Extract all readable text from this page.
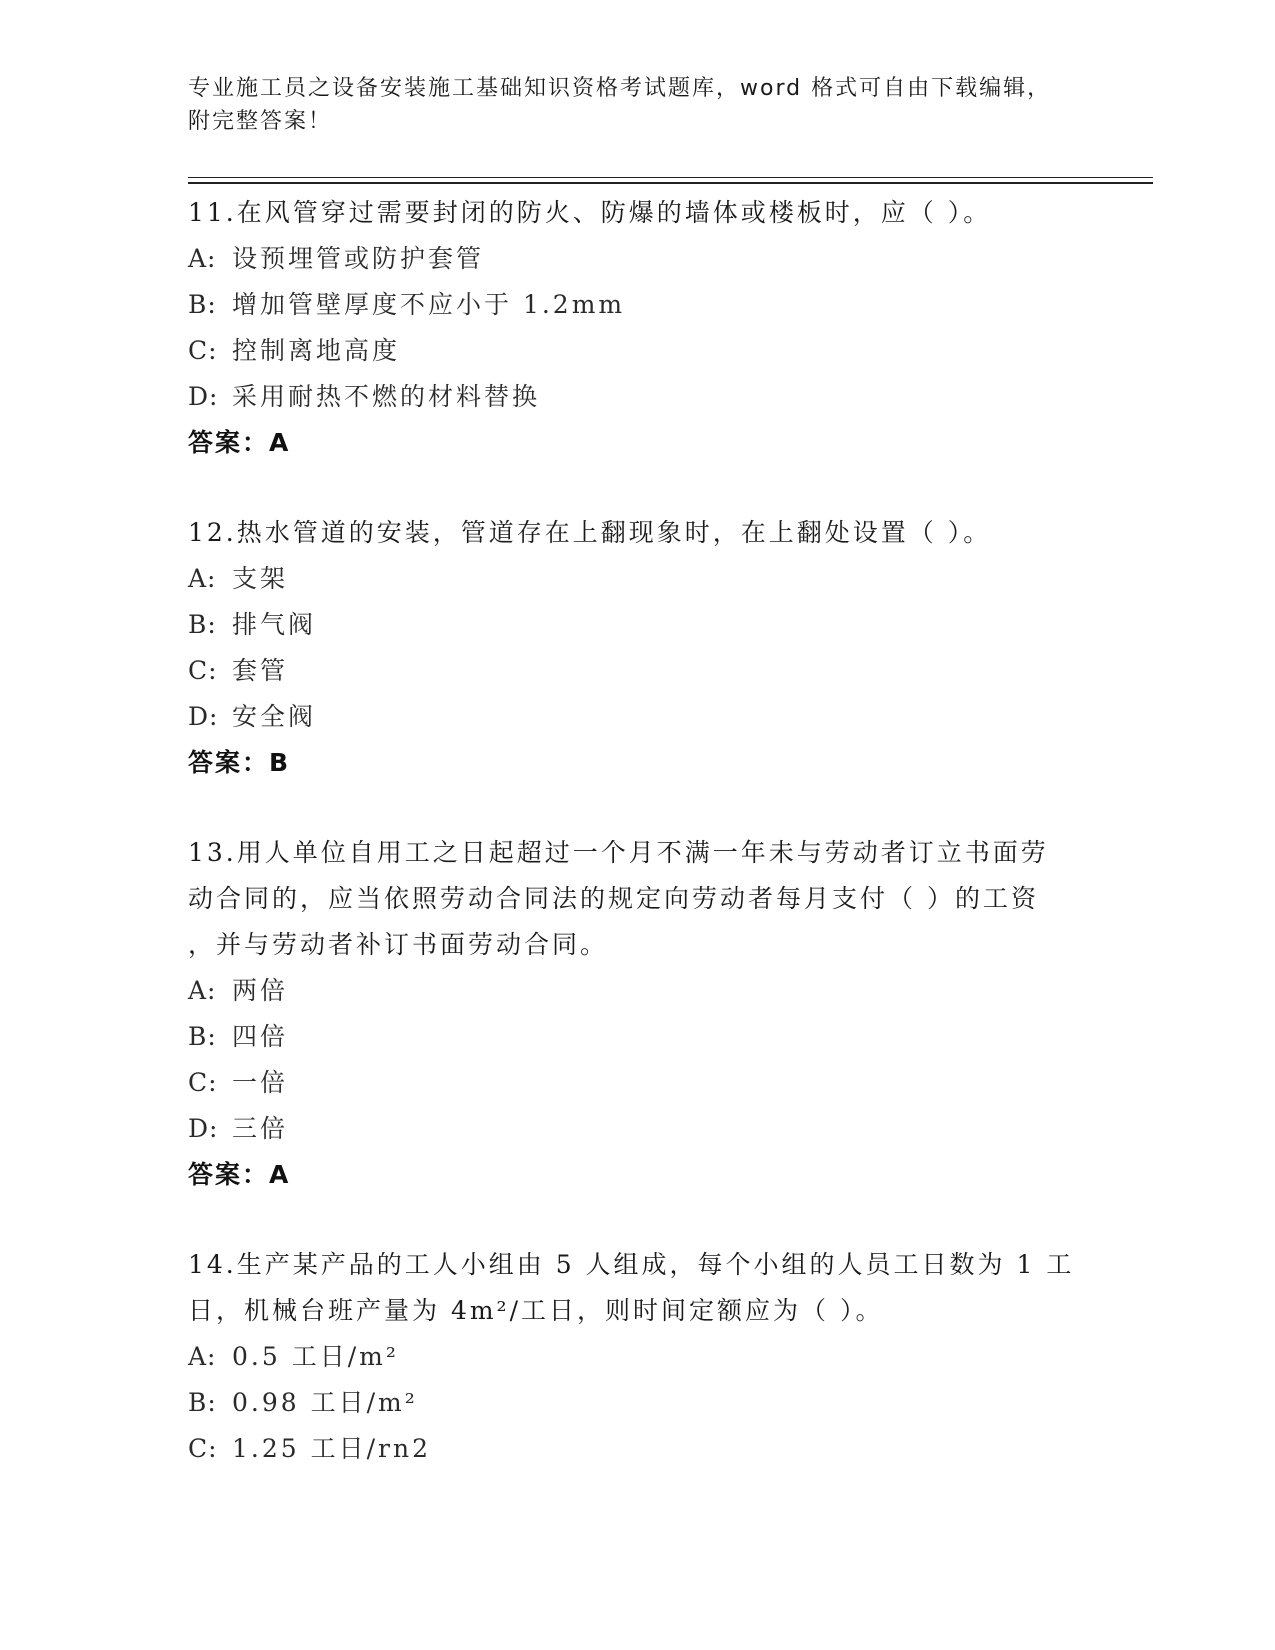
专业施工员之设备安装施工基础知识资格考试题库，word 格式可自由下载编辑，
附完整答案！
11.在风管穿过需要封闭的防火、防爆的墙体或楼板时，应（ ）。
A: 设预埋管或防护套管
B: 增加管壁厚度不应小于 1.2mm
C: 控制离地高度
D: 采用耐热不燃的材料替换
答案：A
12.热水管道的安装，管道存在上翻现象时，在上翻处设置（ ）。
A: 支架
B: 排气阀
C: 套管
D: 安全阀
答案：B
13.用人单位自用工之日起超过一个月不满一年未与劳动者订立书面劳
动合同的，应当依照劳动合同法的规定向劳动者每月支付（ ）的工资
，并与劳动者补订书面劳动合同。
A: 两倍
B: 四倍
C: 一倍
D: 三倍
答案：A
14.生产某产品的工人小组由 5 人组成，每个小组的人员工日数为 1 工
日，机械台班产量为 4m²/工日，则时间定额应为（ ）。
A: 0.5 工日/m²
B: 0.98 工日/m²
C: 1.25 工日/rn2
